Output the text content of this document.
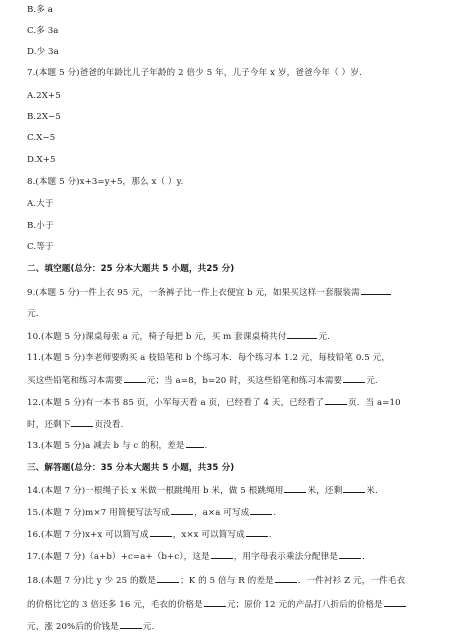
B.多 a
C.多 3a
D.少 3a
7.(本题 5 分)爸爸的年龄比儿子年龄的 2 倍少 5 年，儿子今年 x 岁，爸爸今年（ ）岁.
A.2X+5
B.2X−5
C.X−5
D.X+5
8.(本题 5 分)x+3=y+5，那么 x（ ）y.
A.大于
B.小于
C.等于
二、填空题(总分：25 分本大题共 5 小题，共25 分)
9.(本题 5 分)一件上衣 95 元，一条裤子比一件上衣便宜 b 元，如果买这样一套服装需
元.
10.(本题 5 分)课桌每张 a 元，椅子每把 b 元，买 m 套课桌椅共付	元.
11.(本题 5 分)李老师要购买 a 枝铅笔和 b 个练习本．每个练习本 1.2 元，每枝铅笔 0.5 元，
买这些铅笔和练习本需要	元；当 a=8，b=20 时，买这些铅笔和练习本需要	元.
12.(本题 5 分)有一本书 85 页，小军每天看 a 页，已经看了 4 天，已经看了	页．当 a=10
时，还剩下	页没看.
13.(本题 5 分)a 减去 b 与 c 的积，差是 .
三、解答题(总分：35 分本大题共 5 小题，共35 分)
14.(本题 7 分)一根绳子长 x 米做一根跳绳用 b 米，做 5 根跳绳用	米，还剩	米.
15.(本题 7 分)m×7 用简便写法写成	，a×a 可写成	.
16.(本题 7 分)x+x 可以简写成	，x×x 可以简写成	.
17.(本题 7 分)（a+b）+c=a+（b+c），这是	，用字母表示乘法分配律是	.
18.(本题 7 分)比 y 少 25 的数是	；K 的 5 倍与 R 的差是	．一件衬衫 Z 元，一件毛衣
的价格比它的 3 倍还多 16 元，毛衣的价格是	元；原价 12 元的产品打八折后的价格是
元，涨 20%后的价钱是	元.
